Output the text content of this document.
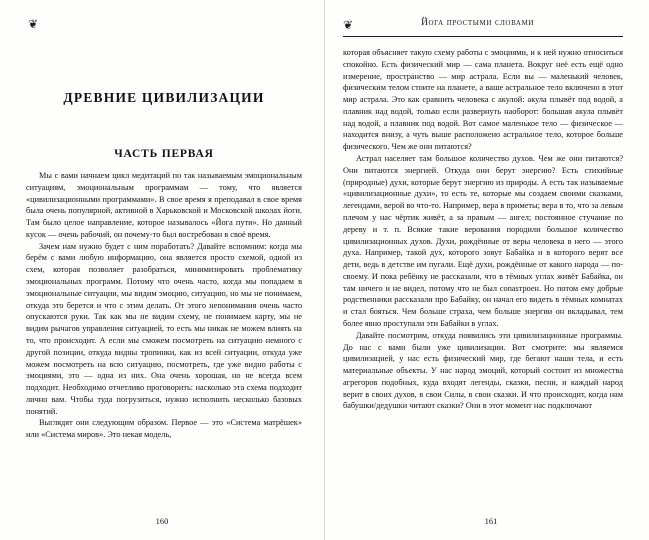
❦
ДРЕВНИЕ ЦИВИЛИЗАЦИИ
ЧАСТЬ ПЕРВАЯ

Мы с вами начнаем цикл медитаций по так называемым эмоциональным ситуациям, эмоциональным программам — тому, что является «цивилизационными программами». В свое время я преподавал в свое время была очень популярной, активной в Харьковской и Московской школах йоги. Там было целое направление, которое называлось «Йога пути». Но данный кусок — очень рабочий, он почему-то был востребован в своё время.

Зачем нам нужно будет с ним поработать? Давайте вспомним: когда мы берём с вами любую информацию, она является просто схемой, одной из схем, которая позволяет разобраться, минимизировать проблематику эмоциональных программ. Потому что очень часто, когда мы попадаем в эмоциональные ситуации, мы видим эмоцию, ситуацию, но мы не понимаем, откуда это берется и что с этим делать. От этого непонимания очень часто опускаются руки. Так как мы не видим схему, не понимаем карту, мы не видим рычагов управления ситуацией, то есть мы никак не можем влиять на то, что происходит. А если мы сможем посмотреть на ситуацию немного с другой позиции, откуда видны тропинки, как из всей ситуации, откуда уже можем посмотреть на всю ситуацию, посмотреть, где уже видно работы с эмоциями, это — одна из них. Она очень хорошая, но не всегда всем подходит. Необходимо отчетливо проговорить: насколько эта схема подходит лично вам. Чтобы туда погрузиться, нужно исполнить несколько базовых понятий.

Выглядят они следующим образом. Первое — это «Система матрёшек» или «Система миров». Это некая модель,

160
❦	Йога простыми словами

которая объясняет такую схему работы с эмоциями, и к ней нужно относиться спокойно. Есть физический мир — сама планета. Вокруг неё есть ещё одно измерение, пространство — мир астрала. Если вы — маленький человек, физическим телом стоите на планете, а ваше астральное тело включено в этот мир астрала. Это как сравнить человека с акулой: акула плывёт под водой, а плавник над водой, только если развернуть наоборот: большая акула плывёт над водой, а плавник под водой. Вот самое маленькое тело — физическое — находится внизу, а чуть выше расположено астральное тело, которое больше физического. Чем же они питаются?

Астрал населяет там большое количество духов. Чем же они питаются? Они питаются энергией. Откуда они берут энергию? Есть стихийные (природные) духи, которые берут энергию из природы. А есть так называемые «цивилизационные духи», то есть те, которые мы создаем своими сказками, легендами, верой во что-то. Например, вера в приметы; вера в то, что за левым плечом у нас чёртик живёт, а за правым — ангел; постоянное стучание по дереву и т. п. Всякие такие верования породили большое количество цивилизационных духов. Духи, рождённые от веры человека в него — этого духа. Например, такой дух, которого зовут Бабайка и в которого верят все дети, ведь в детстве им пугали. Ещё духи, рождённые от какого народа — по-своему. И пока ребёнку не рассказали, что в тёмных углах живёт Бабайка, он там ничего и не видел, потому что не был соnasтроен. Но потом ему добрые родственники рассказали про Бабайку, он начал его видеть в тёмных комнатах и стал бояться. Чем больше страха, чем больше энергии он вкладывал, тем более явно проступали эти Бабайки в углах.

Давайте посмотрим, откуда появились эти цивилизационные программы. До нас с вами были уже цивилизации. Вот смотрите: мы являемся цивилизацией, у нас есть физический мир, где бегают наши тела, и есть материальные объекты. У нас народ эмоций, который состоит из множества агрегоров подобных, куда входят легенды, сказки, песни, и каждый народ верит в своих духов, в свои Силы, в свои сказки. И что происходит, когда нам бабушки/дедушки читают сказки? Они в этот момент нас подключают

161
